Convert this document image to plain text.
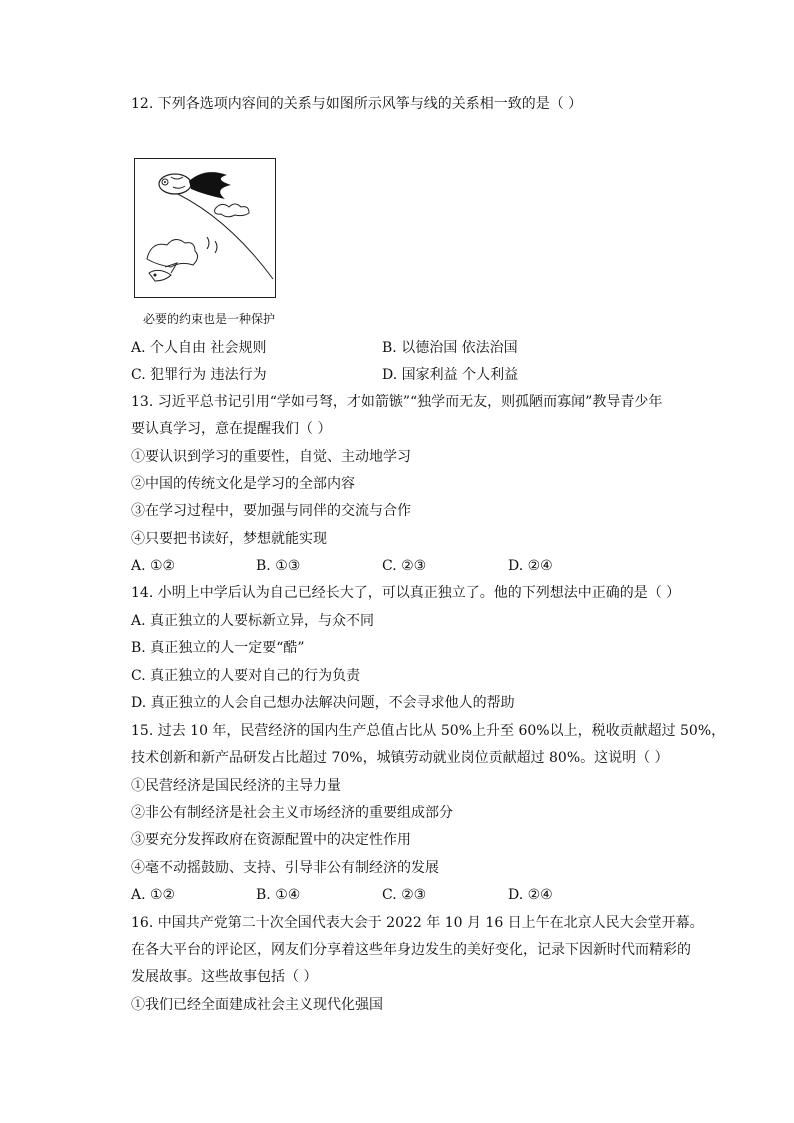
12. 下列各选项内容间的关系与如图所示风筝与线的关系相一致的是（ ）
必要的约束也是一种保护
A. 个人自由 社会规则	B. 以德治国 依法治国
C. 犯罪行为 违法行为	D. 国家利益 个人利益
13. 习近平总书记引用“学如弓弩，才如箭镞”“独学而无友，则孤陋而寡闻”教导青少年
要认真学习，意在提醒我们（ ）
①要认识到学习的重要性，自觉、主动地学习
②中国的传统文化是学习的全部内容
③在学习过程中，要加强与同伴的交流与合作
④只要把书读好，梦想就能实现
A. ①②	B. ①③	C. ②③	D. ②④
14. 小明上中学后认为自己已经长大了，可以真正独立了。他的下列想法中正确的是（ ）
A. 真正独立的人要标新立异，与众不同
B. 真正独立的人一定要“酷”
C. 真正独立的人要对自己的行为负责
D. 真正独立的人会自己想办法解决问题，不会寻求他人的帮助
15. 过去 10 年，民营经济的国内生产总值占比从 50%上升至 60%以上，税收贡献超过 50%，
技术创新和新产品研发占比超过 70%，城镇劳动就业岗位贡献超过 80%。这说明（ ）
①民营经济是国民经济的主导力量
②非公有制经济是社会主义市场经济的重要组成部分
③要充分发挥政府在资源配置中的决定性作用
④毫不动摇鼓励、支持、引导非公有制经济的发展
A. ①②	B. ①④	C. ②③	D. ②④
16. 中国共产党第二十次全国代表大会于 2022 年 10 月 16 日上午在北京人民大会堂开幕。
在各大平台的评论区，网友们分享着这些年身边发生的美好变化，记录下因新时代而精彩的
发展故事。这些故事包括（ ）
①我们已经全面建成社会主义现代化强国
